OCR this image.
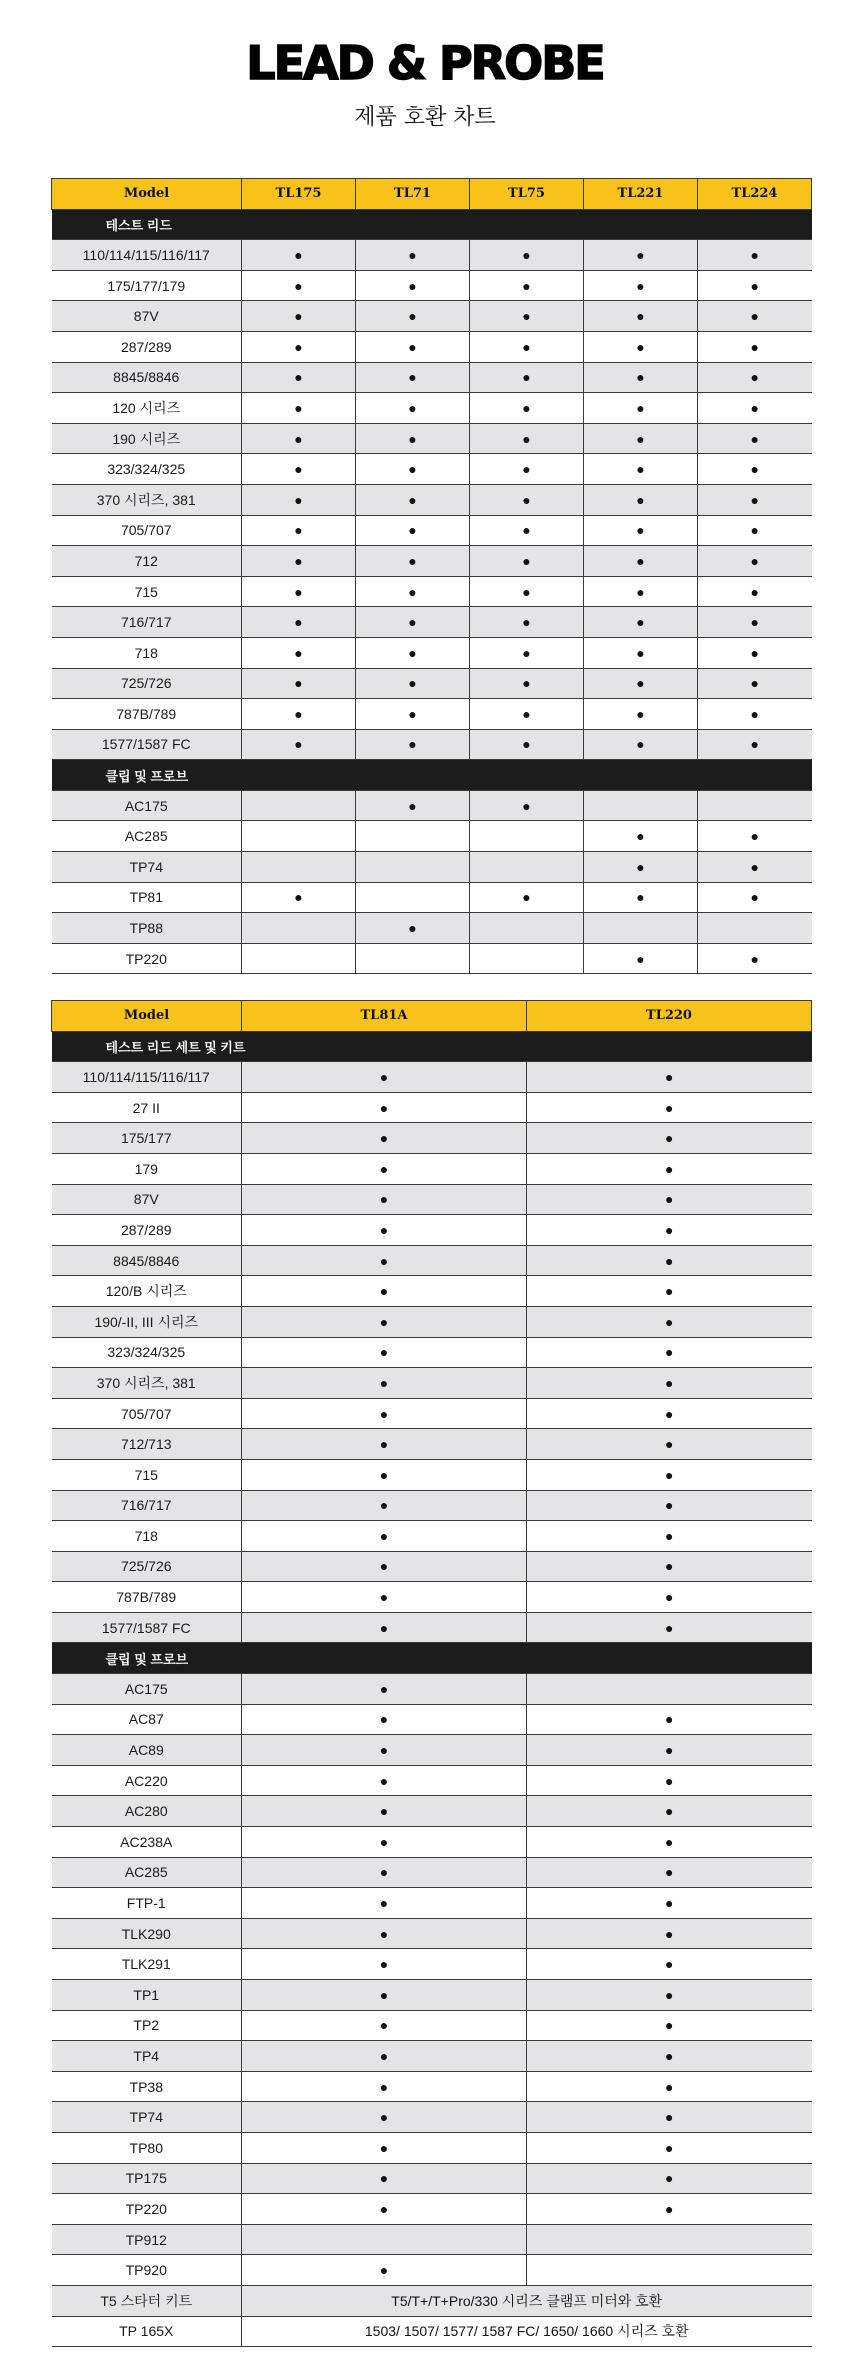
LEAD & PROBE
제품 호환 차트
Model	TL175	TL71	TL75	TL221	TL224
테스트 리드					
110/114/115/116/117	●	●	●	●	●
175/177/179	●	●	●	●	●
87V	●	●	●	●	●
287/289	●	●	●	●	●
8845/8846	●	●	●	●	●
120 시리즈	●	●	●	●	●
190 시리즈	●	●	●	●	●
323/324/325	●	●	●	●	●
370 시리즈, 381	●	●	●	●	●
705/707	●	●	●	●	●
712	●	●	●	●	●
715	●	●	●	●	●
716/717	●	●	●	●	●
718	●	●	●	●	●
725/726	●	●	●	●	●
787B/789	●	●	●	●	●
1577/1587 FC	●	●	●	●	●
클립 및 프로브					
AC175		●	●		
AC285				●	●
TP74				●	●
TP81	●		●	●	●
TP88		●			
TP220				●	●
Model	TL81A	TL220
테스트 리드 세트 및 키트		
110/114/115/116/117	●	●
27 II	●	●
175/177	●	●
179	●	●
87V	●	●
287/289	●	●
8845/8846	●	●
120/B 시리즈	●	●
190/-II, III 시리즈	●	●
323/324/325	●	●
370 시리즈, 381	●	●
705/707	●	●
712/713	●	●
715	●	●
716/717	●	●
718	●	●
725/726	●	●
787B/789	●	●
1577/1587 FC	●	●
클립 및 프로브		
AC175	●	
AC87	●	●
AC89	●	●
AC220	●	●
AC280	●	●
AC238A	●	●
AC285	●	●
FTP-1	●	●
TLK290	●	●
TLK291	●	●
TP1	●	●
TP2	●	●
TP4	●	●
TP38	●	●
TP74	●	●
TP80	●	●
TP175	●	●
TP220	●	●
TP912		
TP920	●	
T5 스타터 키트	T5/T+/T+Pro/330 시리즈 클램프 미터와 호환	
TP 165X	1503/ 1507/ 1577/ 1587 FC/ 1650/ 1660 시리즈 호환	
